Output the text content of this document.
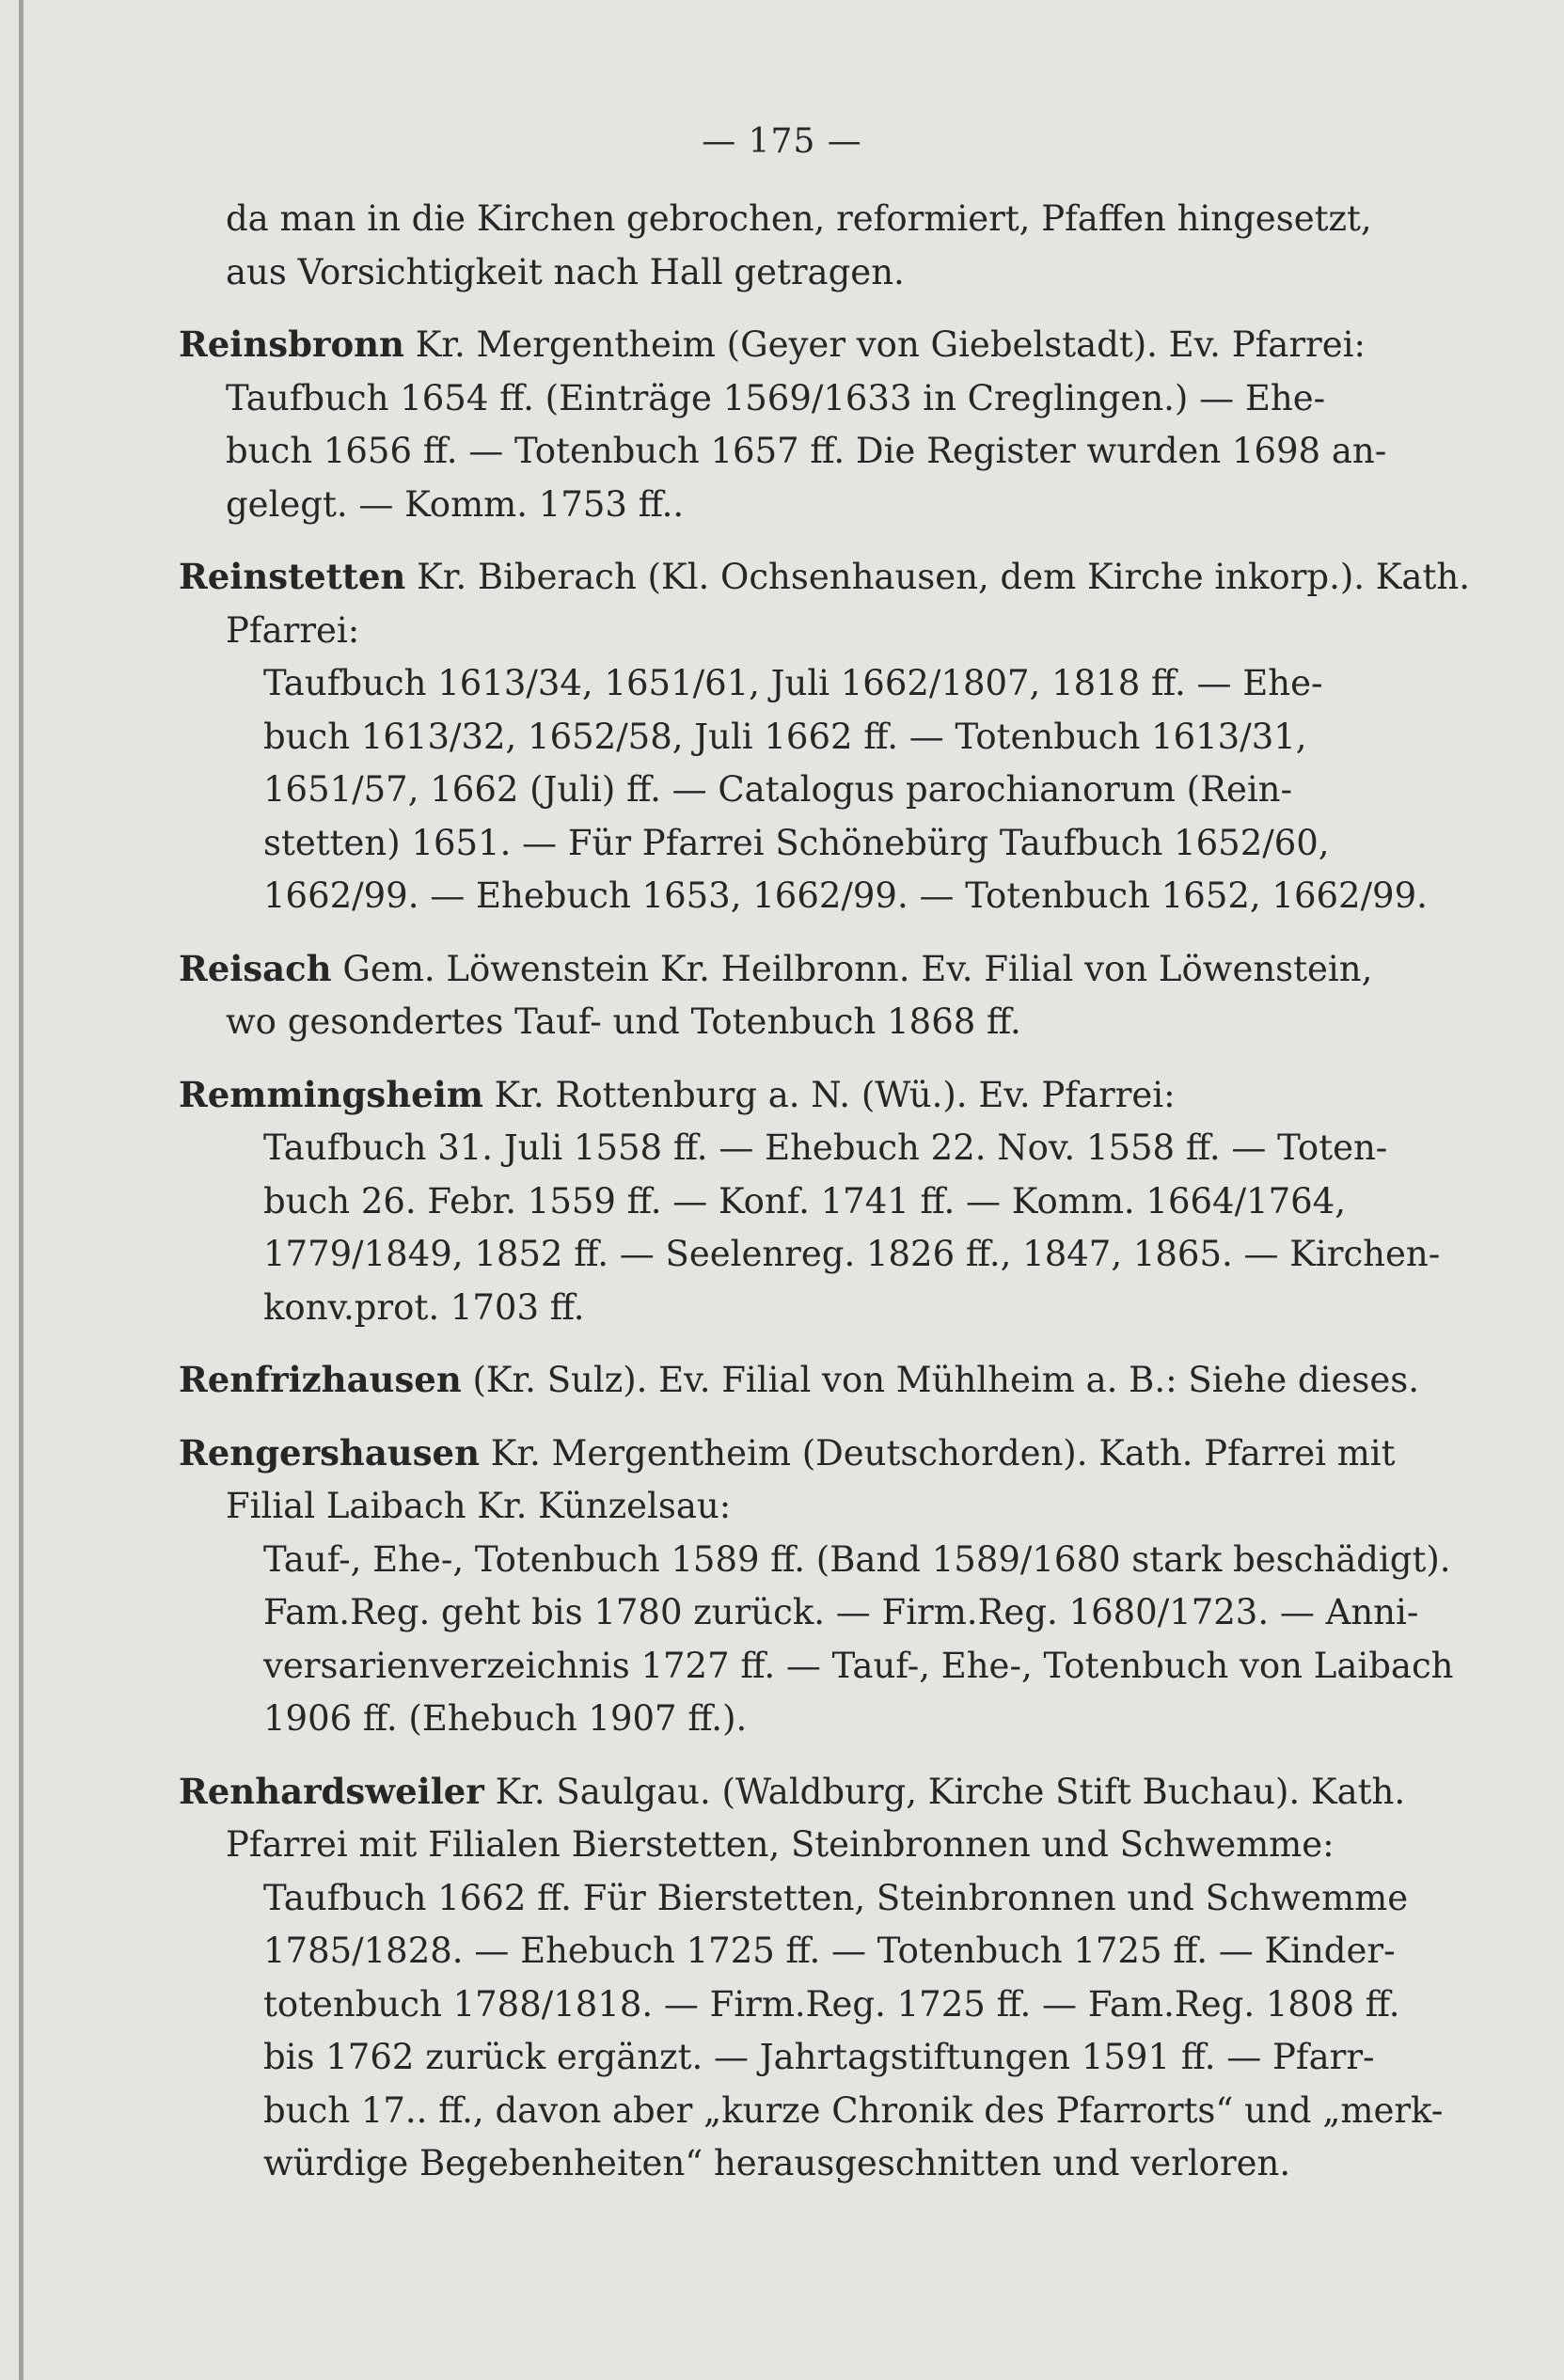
— 175 —
da man in die Kirchen gebrochen, reformiert, Pfaffen hingesetzt,
aus Vorsichtigkeit nach Hall getragen.
Reinsbronn Kr. Mergentheim (Geyer von Giebelstadt). Ev. Pfarrei:
Taufbuch 1654 ff. (Einträge 1569/1633 in Creglingen.) — Ehe-
buch 1656 ff. — Totenbuch 1657 ff. Die Register wurden 1698 an-
gelegt. — Komm. 1753 ff..
Reinstetten Kr. Biberach (Kl. Ochsenhausen, dem Kirche inkorp.). Kath.
Pfarrei:
Taufbuch 1613/34, 1651/61, Juli 1662/1807, 1818 ff. — Ehe-
buch 1613/32, 1652/58, Juli 1662 ff. — Totenbuch 1613/31,
1651/57, 1662 (Juli) ff. — Catalogus parochianorum (Rein-
stetten) 1651. — Für Pfarrei Schönebürg Taufbuch 1652/60,
1662/99. — Ehebuch 1653, 1662/99. — Totenbuch 1652, 1662/99.
Reisach Gem. Löwenstein Kr. Heilbronn. Ev. Filial von Löwenstein,
wo gesondertes Tauf- und Totenbuch 1868 ff.
Remmingsheim Kr. Rottenburg a. N. (Wü.). Ev. Pfarrei:
Taufbuch 31. Juli 1558 ff. — Ehebuch 22. Nov. 1558 ff. — Toten-
buch 26. Febr. 1559 ff. — Konf. 1741 ff. — Komm. 1664/1764,
1779/1849, 1852 ff. — Seelenreg. 1826 ff., 1847, 1865. — Kirchen-
konv.prot. 1703 ff.
Renfrizhausen (Kr. Sulz). Ev. Filial von Mühlheim a. B.: Siehe dieses.
Rengershausen Kr. Mergentheim (Deutschorden). Kath. Pfarrei mit
Filial Laibach Kr. Künzelsau:
Tauf-, Ehe-, Totenbuch 1589 ff. (Band 1589/1680 stark beschädigt).
Fam.Reg. geht bis 1780 zurück. — Firm.Reg. 1680/1723. — Anni-
versarienverzeichnis 1727 ff. — Tauf-, Ehe-, Totenbuch von Laibach
1906 ff. (Ehebuch 1907 ff.).
Renhardsweiler Kr. Saulgau. (Waldburg, Kirche Stift Buchau). Kath.
Pfarrei mit Filialen Bierstetten, Steinbronnen und Schwemme:
Taufbuch 1662 ff. Für Bierstetten, Steinbronnen und Schwemme
1785/1828. — Ehebuch 1725 ff. — Totenbuch 1725 ff. — Kinder-
totenbuch 1788/1818. — Firm.Reg. 1725 ff. — Fam.Reg. 1808 ff.
bis 1762 zurück ergänzt. — Jahrtagstiftungen 1591 ff. — Pfarr-
buch 17.. ff., davon aber „kurze Chronik des Pfarrorts“ und „merk-
würdige Begebenheiten“ herausgeschnitten und verloren.
